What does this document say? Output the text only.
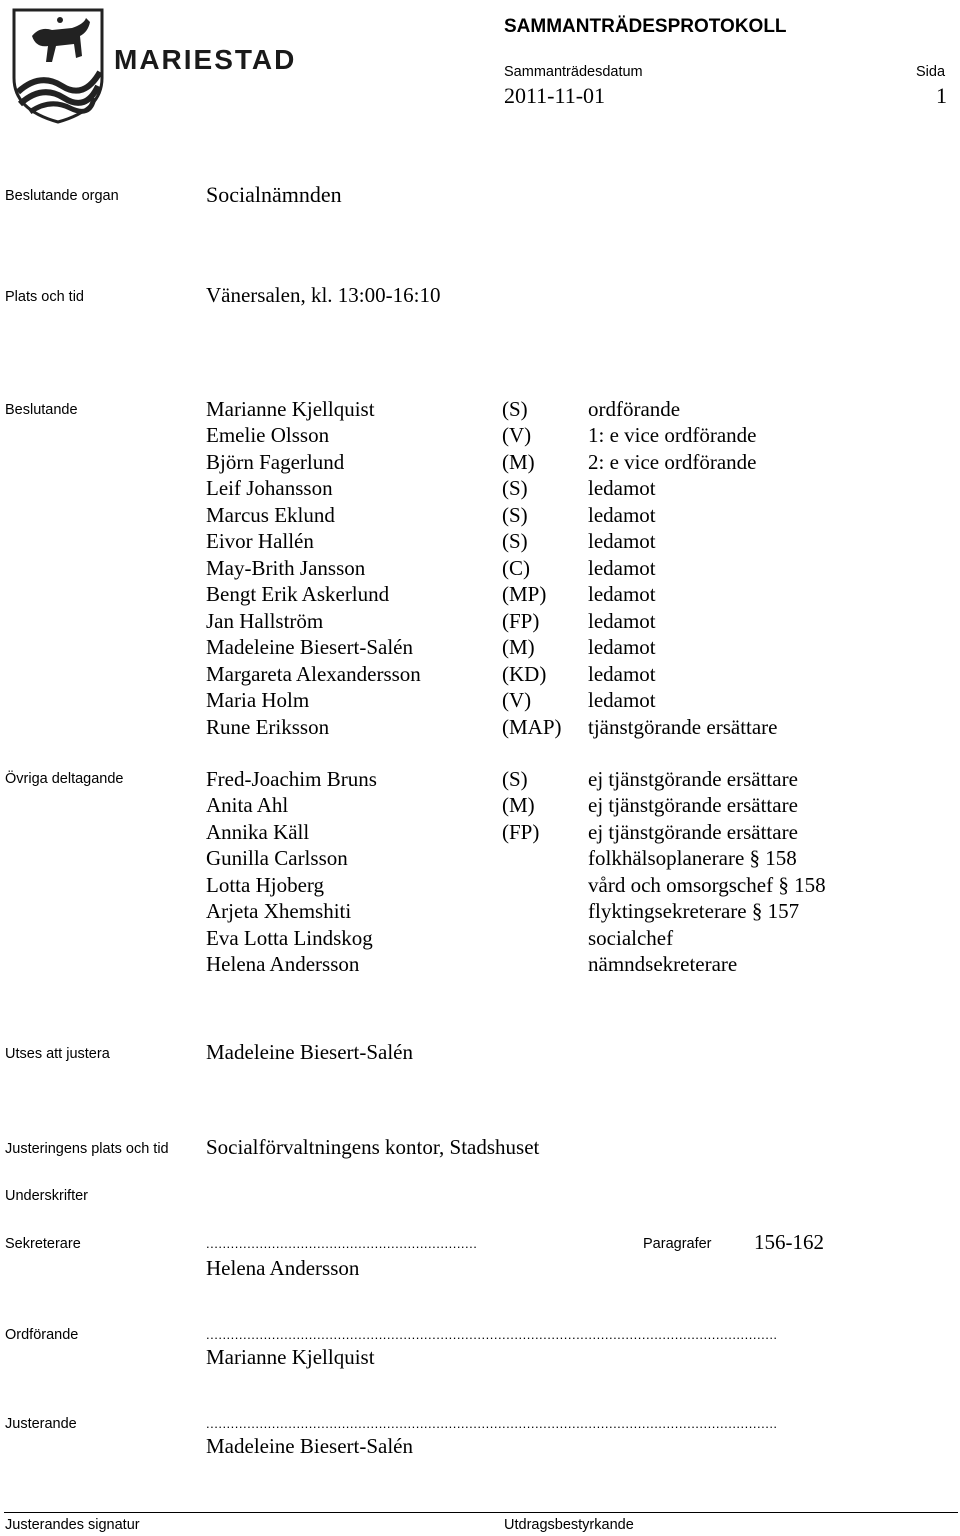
MARIESTAD
SAMMANTRÄDESPROTOKOLL
Sammanträdesdatum	Sida
2011-11-01	1
Beslutande organ	Socialnämnden
Plats och tid	Vänersalen, kl. 13:00-16:10
Beslutande	Marianne Kjellquist	(S)	ordförande
Emelie Olsson	(V)	1: e vice ordförande
Björn Fagerlund	(M)	2: e vice ordförande
Leif Johansson	(S)	ledamot
Marcus Eklund	(S)	ledamot
Eivor Hallén	(S)	ledamot
May-Brith Jansson	(C)	ledamot
Bengt Erik Askerlund	(MP) ledamot
Jan Hallström	(FP) ledamot
Madeleine Biesert-Salén	(M)	ledamot
Margareta Alexandersson	(KD) ledamot
Maria Holm	(V)	ledamot
Rune Eriksson	(MAP) tjänstgörande ersättare
Övriga deltagande	Fred-Joachim Bruns	(S)	ej tjänstgörande ersättare
Anita Ahl	(M)	ej tjänstgörande ersättare
Annika Käll	(FP) ej tjänstgörande ersättare
Gunilla Carlsson	folkhälsoplanerare § 158
Lotta Hjoberg	vård och omsorgschef § 158
Arjeta Xhemshiti	flyktingsekreterare § 157
Eva Lotta Lindskog	socialchef
Helena Andersson	nämndsekreterare
Utses att justera	Madeleine Biesert-Salén
Justeringens plats och tid Socialförvaltningens kontor, Stadshuset
Underskrifter
Sekreterare	..................................................................	Paragrafer 156-162
Helena Andersson
Ordförande	...........................................................................................................................................
Marianne Kjellquist
Justerande	...........................................................................................................................................
Madeleine Biesert-Salén
Justerandes signatur	Utdragsbestyrkande
